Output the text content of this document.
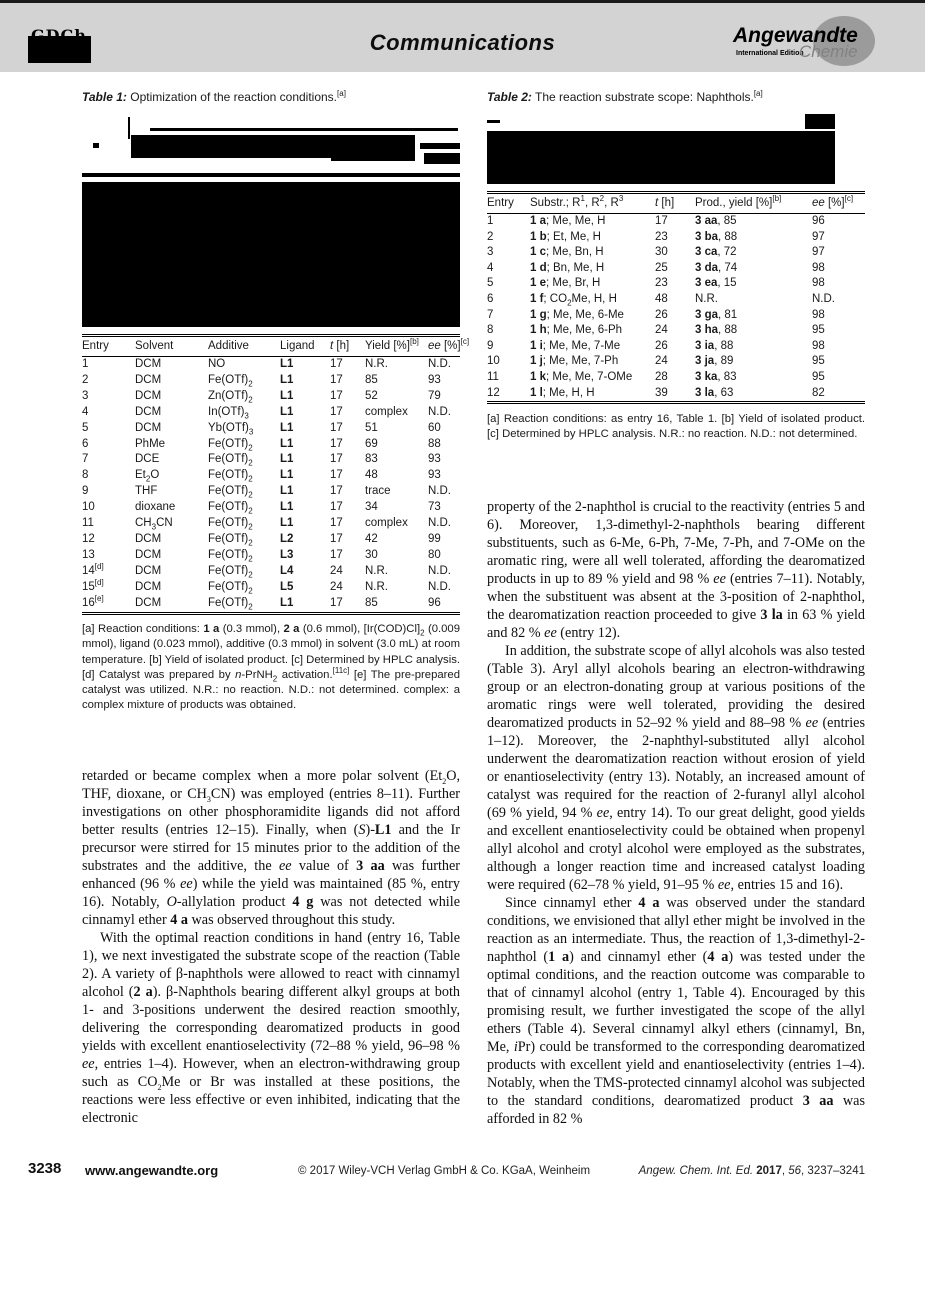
Communications	Angewandte
International Edition
Chemie
Table 1: Optimization of the reaction conditions.[a]
Entry	Solvent	Additive	Ligand	t [h]	Yield [%][b]	ee [%][c]
1	DCM	NO	L1	17	N.R.	N.D.
2	DCM	$Fe(OTf)_2$	L1	17	85	93
3	DCM	$Zn(OTf)_2$	L1	17	52	79
4	DCM	$In(OTf)_3$	L1	17	complex	N.D.
5	DCM	$Yb(OTf)_3$	L1	17	51	60
6	PhMe	$Fe(OTf)_2$	L1	17	69	88
7	DCE	$Fe(OTf)_2$	L1	17	83	93
8	$Et_2O$	$Fe(OTf)_2$	L1	17	48	93
9	THF	$Fe(OTf)_2$	L1	17	trace	N.D.
10	dioxane	$Fe(OTf)_2$	L1	17	34	73
11	$CH_3CN$	$Fe(OTf)_2$	L1	17	complex	N.D.
12	DCM	$Fe(OTf)_2$	L2	17	42	99
13	DCM	$Fe(OTf)_2$	L3	17	30	80
14[d]	DCM	$Fe(OTf)_2$	L4	24	N.R.	N.D.
15[d]	DCM	$Fe(OTf)_2$	L5	24	N.R.	N.D.
16[e]	DCM	$Fe(OTf)_2$	L1	17	85	96
[a] Reaction conditions: 1 a (0.3 mmol), 2 a (0.6 mmol), $[Ir(COD)Cl]_2$ (0.009 mmol), ligand (0.023 mmol), additive (0.3 mmol) in solvent (3.0 mL) at room temperature. [b] Yield of isolated product. [c] Determined by HPLC analysis. [d] Catalyst was prepared by n-PrNH$_2$ activation.[11c] [e] The pre-prepared catalyst was utilized. N.R.: no reaction. N.D.: not determined. complex: a complex mixture of products was obtained.

retarded or became complex when a more polar solvent ($Et_2O$, THF, dioxane, or $CH_3CN$) was employed (entries 8–11). Further investigations on other phosphoramidite ligands did not afford better results (entries 12–15). Finally, when (S)-L1 and the Ir precursor were stirred for 15 minutes prior to the addition of the substrates and the additive, the ee value of 3 aa was further enhanced (96 % ee) while the yield was maintained (85 %, entry 16). Notably, O-allylation product 4 g was not detected while cinnamyl ether 4 a was observed throughout this study.

With the optimal reaction conditions in hand (entry 16, Table 1), we next investigated the substrate scope of the reaction (Table 2). A variety of β-naphthols were allowed to react with cinnamyl alcohol (2 a). β-Naphthols bearing different alkyl groups at both 1- and 3-positions underwent the desired reaction smoothly, delivering the corresponding dearomatized products in good yields with excellent enantioselectivity (72–88 % yield, 96–98 % ee, entries 1–4). However, when an electron-withdrawing group such as $CO_2Me$ or Br was installed at these positions, the reactions were less effective or even inhibited, indicating that the electronic

Table 2: The reaction substrate scope: Naphthols.[a]
Entry	Substr.; $R^1$, $R^2$, $R^3$	t [h]	Prod., yield [%][b]	ee [%][c]
1	1 a; Me, Me, H	17	3 aa, 85	96
2	1 b; Et, Me, H	23	3 ba, 88	97
3	1 c; Me, Bn, H	30	3 ca, 72	97
4	1 d; Bn, Me, H	25	3 da, 74	98
5	1 e; Me, Br, H	23	3 ea, 15	98
6	1 f; $CO_2Me$, H, H	48	N.R.	N.D.
7	1 g; Me, Me, 6-Me	26	3 ga, 81	98
8	1 h; Me, Me, 6-Ph	24	3 ha, 88	95
9	1 i; Me, Me, 7-Me	26	3 ia, 88	98
10	1 j; Me, Me, 7-Ph	24	3 ja, 89	95
11	1 k; Me, Me, 7-OMe	28	3 ka, 83	95
12	1 l; Me, H, H	39	3 la, 63	82
[a] Reaction conditions: as entry 16, Table 1. [b] Yield of isolated product. [c] Determined by HPLC analysis. N.R.: no reaction. N.D.: not determined.

property of the 2-naphthol is crucial to the reactivity (entries 5 and 6). Moreover, 1,3-dimethyl-2-naphthols bearing different substituents, such as 6-Me, 6-Ph, 7-Me, 7-Ph, and 7-OMe on the aromatic ring, were all well tolerated, affording the dearomatized products in up to 89 % yield and 98 % ee (entries 7–11). Notably, when the substituent was absent at the 3-position of 2-naphthol, the dearomatization reaction proceeded to give 3 la in 63 % yield and 82 % ee (entry 12).

In addition, the substrate scope of allyl alcohols was also tested (Table 3). Aryl allyl alcohols bearing an electron-withdrawing group or an electron-donating group at various positions of the aromatic rings were well tolerated, providing the desired dearomatized products in 52–92 % yield and 88–98 % ee (entries 1–12). Moreover, the 2-naphthyl-substituted allyl alcohol underwent the dearomatization reaction without erosion of yield or enantioselectivity (entry 13). Notably, an increased amount of catalyst was required for the reaction of 2-furanyl allyl alcohol (69 % yield, 94 % ee, entry 14). To our great delight, good yields and excellent enantioselectivity could be obtained when propenyl allyl alcohol and crotyl alcohol were employed as the substrates, although a longer reaction time and increased catalyst loading were required (62–78 % yield, 91–95 % ee, entries 15 and 16).

Since cinnamyl ether 4 a was observed under the standard conditions, we envisioned that allyl ether might be involved in the reaction as an intermediate. Thus, the reaction of 1,3-dimethyl-2-naphthol (1 a) and cinnamyl ether (4 a) was tested under the optimal conditions, and the reaction outcome was comparable to that of cinnamyl alcohol (entry 1, Table 4). Encouraged by this promising result, we further investigated the scope of the allyl ethers (Table 4). Several cinnamyl alkyl ethers (cinnamyl, Bn, Me, iPr) could be transformed to the corresponding dearomatized products with excellent yield and enantioselectivity (entries 1–4). Notably, when the TMS-protected cinnamyl alcohol was subjected to the standard conditions, dearomatized product 3 aa was afforded in 82 %

3238 www.angewandte.org	© 2017 Wiley-VCH Verlag GmbH & Co. KGaA, Weinheim	Angew. Chem. Int. Ed. 2017, 56, 3237–3241
